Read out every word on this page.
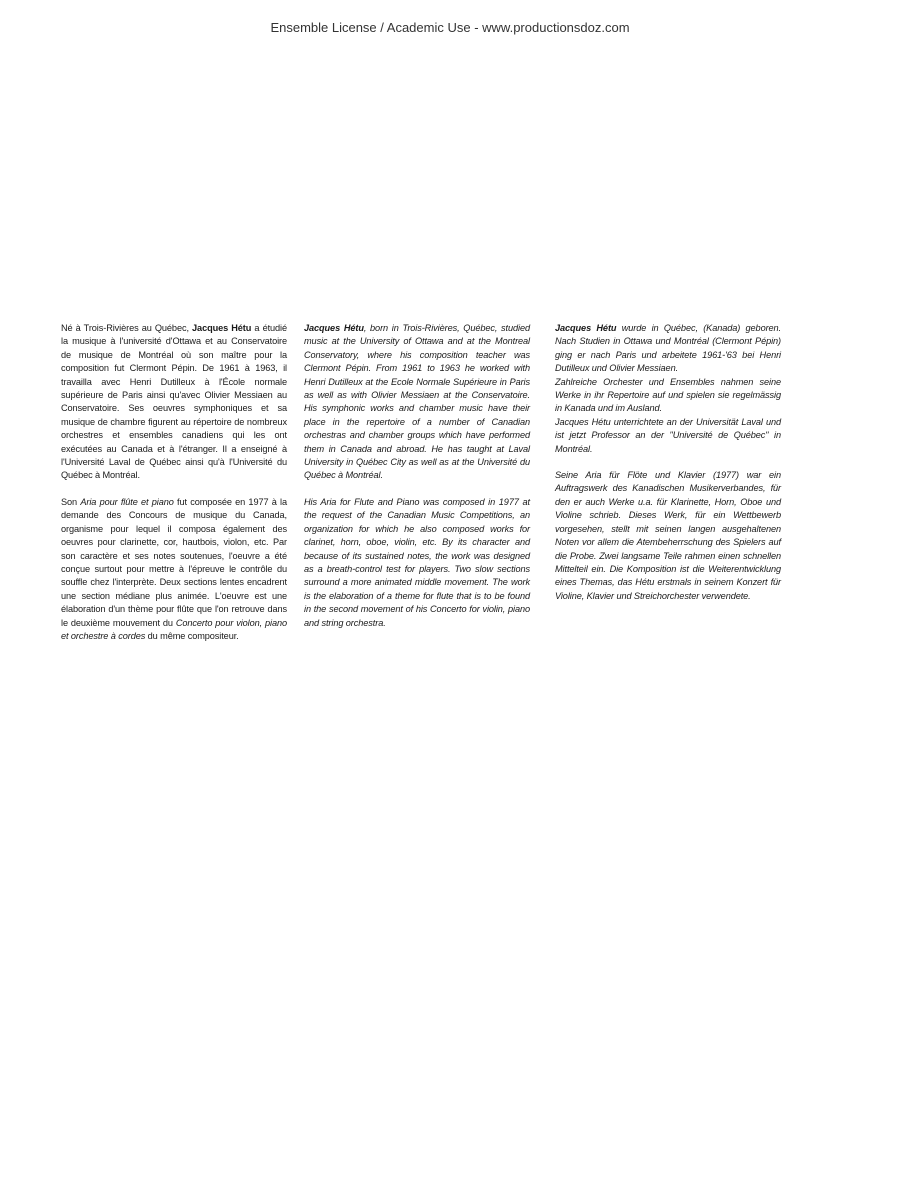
Ensemble License / Academic Use - www.productionsdoz.com

Né à Trois-Rivières au Québec, Jacques Hétu a étudié la musique à l'université d'Ottawa et au Conservatoire de musique de Montréal où son maître pour la composition fut Clermont Pépin. De 1961 à 1963, il travailla avec Henri Dutilleux à l'École normale supérieure de Paris ainsi qu'avec Olivier Messiaen au Conservatoire. Ses oeuvres symphoniques et sa musique de chambre figurent au répertoire de nombreux orchestres et ensembles canadiens qui les ont exécutées au Canada et à l'étranger. Il a enseigné à l'Université Laval de Québec ainsi qu'à l'Université du Québec à Montréal.

Son Aria pour flûte et piano fut composée en 1977 à la demande des Concours de musique du Canada, organisme pour lequel il composa également des oeuvres pour clarinette, cor, hautbois, violon, etc. Par son caractère et ses notes soutenues, l'oeuvre a été conçue surtout pour mettre à l'épreuve le contrôle du souffle chez l'interprète. Deux sections lentes encadrent une section médiane plus animée. L'oeuvre est une élaboration d'un thème pour flûte que l'on retrouve dans le deuxième mouvement du Concerto pour violon, piano et orchestre à cordes du même compositeur.

Jacques Hétu, born in Trois-Rivières, Québec, studied music at the University of Ottawa and at the Montreal Conservatory, where his composition teacher was Clermont Pépin. From 1961 to 1963 he worked with Henri Dutilleux at the Ecole Normale Supérieure in Paris as well as with Olivier Messiaen at the Conservatoire. His symphonic works and chamber music have their place in the repertoire of a number of Canadian orchestras and chamber groups which have performed them in Canada and abroad. He has taught at Laval University in Québec City as well as at the Université du Québec à Montréal.

His Aria for Flute and Piano was composed in 1977 at the request of the Canadian Music Competitions, an organization for which he also composed works for clarinet, horn, oboe, violin, etc. By its character and because of its sustained notes, the work was designed as a breath-control test for players. Two slow sections surround a more animated middle movement. The work is the elaboration of a theme for flute that is to be found in the second movement of his Concerto for violin, piano and string orchestra.

Jacques Hétu wurde in Québec, (Kanada) geboren. Nach Studien in Ottawa und Montréal (Clermont Pépin) ging er nach Paris und arbeitete 1961-'63 bei Henri Dutilleux und Olivier Messiaen.

Zahlreiche Orchester und Ensembles nahmen seine Werke in ihr Repertoire auf und spielen sie regelmässig in Kanada und im Ausland.

Jacques Hétu unterrichtete an der Universität Laval und ist jetzt Professor an der "Université de Québec" in Montréal.

Seine Aria für Flöte und Klavier (1977) war ein Auftragswerk des Kanadischen Musikerverbandes, für den er auch Werke u.a. für Klarinette, Horn, Oboe und Violine schrieb. Dieses Werk, für ein Wettbewerb vorgesehen, stellt mit seinen langen ausgehaltenen Noten vor allem die Atembeherrschung des Spielers auf die Probe. Zwei langsame Teile rahmen einen schnellen Mittelteil ein. Die Komposition ist die Weiterentwicklung eines Themas, das Hétu erstmals in seinem Konzert für Violine, Klavier und Streichorchester verwendete.
